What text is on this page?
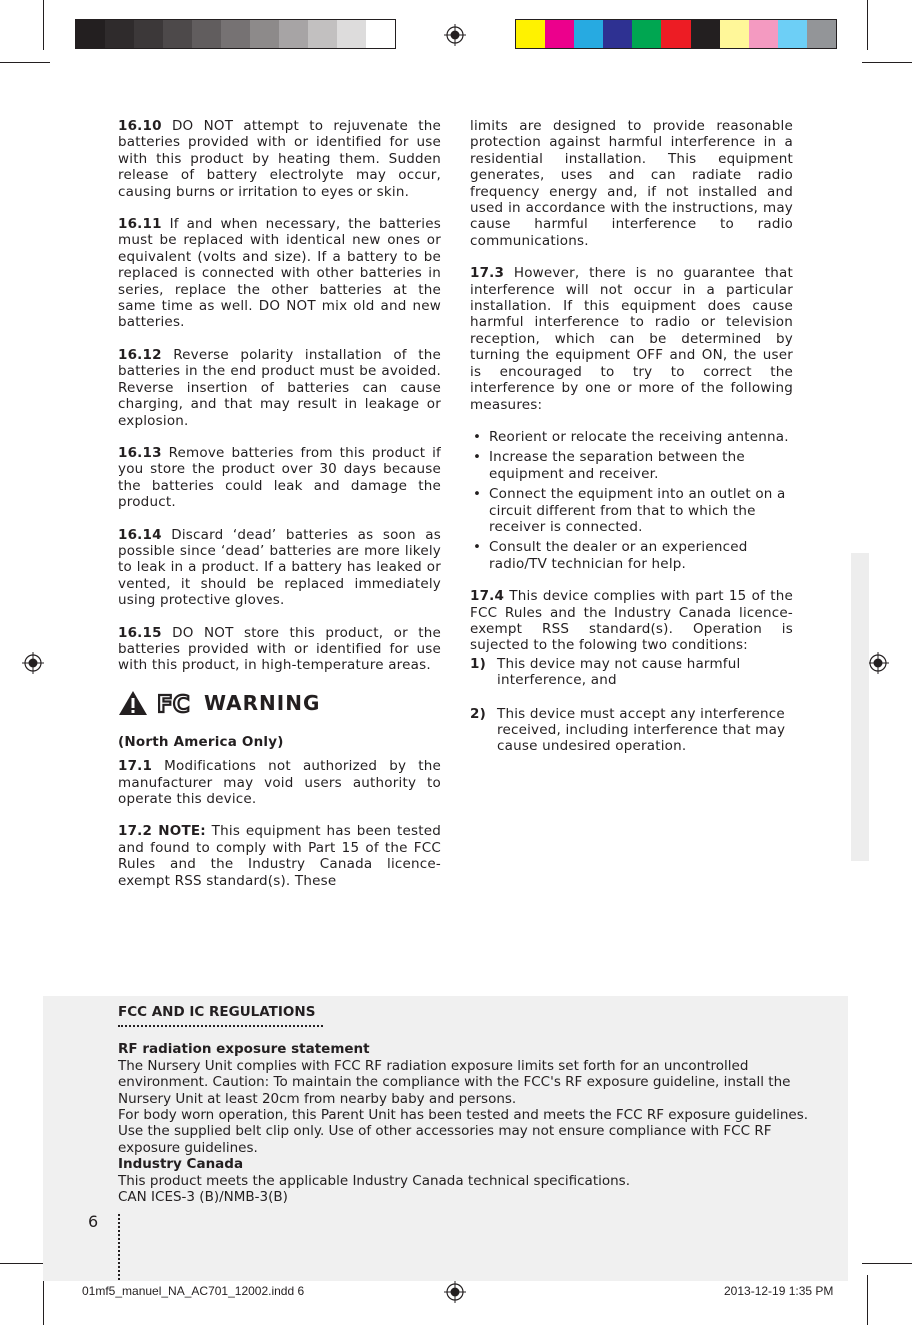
16.10 DO NOT attempt to rejuvenate the batteries provided with or identified for use with this product by heating them. Sudden release of battery electrolyte may occur, causing burns or irritation to eyes or skin.

16.11 If and when necessary, the batteries must be replaced with identical new ones or equivalent (volts and size). If a battery to be replaced is connected with other batteries in series, replace the other batteries at the same time as well. DO NOT mix old and new batteries.

16.12 Reverse polarity installation of the batteries in the end product must be avoided. Reverse insertion of batteries can cause charging, and that may result in leakage or explosion.

16.13 Remove batteries from this product if you store the product over 30 days because the batteries could leak and damage the product.

16.14 Discard ‘dead’ batteries as soon as possible since ‘dead’ batteries are more likely to leak in a product. If a battery has leaked or vented, it should be replaced immediately using protective gloves.

16.15 DO NOT store this product, or the batteries provided with or identified for use with this product, in high-temperature areas.

FC WARNING

(North America Only)

17.1 Modifications not authorized by the manufacturer may void users authority to operate this device.

17.2 NOTE: This equipment has been tested and found to comply with Part 15 of the FCC Rules and the Industry Canada licence-exempt RSS standard(s). These

limits are designed to provide reasonable protection against harmful interference in a residential installation. This equipment generates, uses and can radiate radio frequency energy and, if not installed and used in accordance with the instructions, may cause harmful interference to radio communications.

17.3 However, there is no guarantee that interference will not occur in a particular installation. If this equipment does cause harmful interference to radio or television reception, which can be determined by turning the equipment OFF and ON, the user is encouraged to try to correct the interference by one or more of the following measures:

• Reorient or relocate the receiving antenna.
• Increase the separation between the equipment and receiver.
• Connect the equipment into an outlet on a circuit different from that to which the receiver is connected.
• Consult the dealer or an experienced radio/TV technician for help.

17.4 This device complies with part 15 of the FCC Rules and the Industry Canada licence-exempt RSS standard(s). Operation is sujected to the folowing two conditions:

1) This device may not cause harmful interference, and
2) This device must accept any interference received, including interference that may cause undesired operation.

FCC AND IC REGULATIONS

RF radiation exposure statement

The Nursery Unit complies with FCC RF radiation exposure limits set forth for an uncontrolled environment. Caution: To maintain the compliance with the FCC's RF exposure guideline, install the Nursery Unit at least 20cm from nearby baby and persons.

For body worn operation, this Parent Unit has been tested and meets the FCC RF exposure guidelines. Use the supplied belt clip only. Use of other accessories may not ensure compliance with FCC RF exposure guidelines.

Industry Canada

This product meets the applicable Industry Canada technical specifications.

CAN ICES-3 (B)/NMB-3(B)

6
01mf5_manuel_NA_AC701_12002.indd 6	2013-12-19 1:35 PM
